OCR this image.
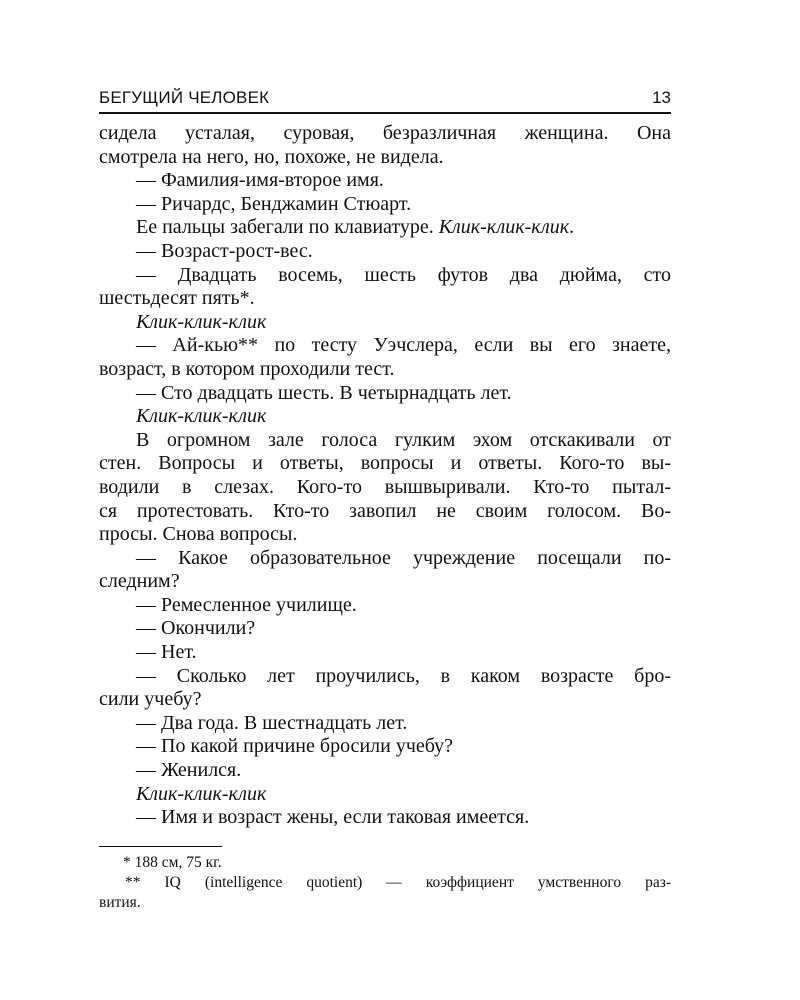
БЕГУЩИЙ ЧЕЛОВЕК	13
сидела усталая, суровая, безразличная женщина. Она
смотрела на него, но, похоже, не видела.
— Фамилия-имя-второе имя.
— Ричардс, Бенджамин Стюарт.
Ее пальцы забегали по клавиатуре. Клик-клик-клик.
— Возраст-рост-вес.
— Двадцать восемь, шесть футов два дюйма, сто
шестьдесят пять*.
Клик-клик-клик
— Ай-кью** по тесту Уэчслера, если вы его знаете,
возраст, в котором проходили тест.
— Сто двадцать шесть. В четырнадцать лет.
Клик-клик-клик
В огромном зале голоса гулким эхом отскакивали от
стен. Вопросы и ответы, вопросы и ответы. Кого-то вы-
водили в слезах. Кого-то вышвыривали. Кто-то пытал-
ся протестовать. Кто-то завопил не своим голосом. Во-
просы. Снова вопросы.
— Какое образовательное учреждение посещали по-
следним?
— Ремесленное училище.
— Окончили?
— Нет.
— Сколько лет проучились, в каком возрасте бро-
сили учебу?
— Два года. В шестнадцать лет.
— По какой причине бросили учебу?
— Женился.
Клик-клик-клик
— Имя и возраст жены, если таковая имеется.
* 188 см, 75 кг.
** IQ (intelligence quotient) — коэффициент умственного раз-
вития.
